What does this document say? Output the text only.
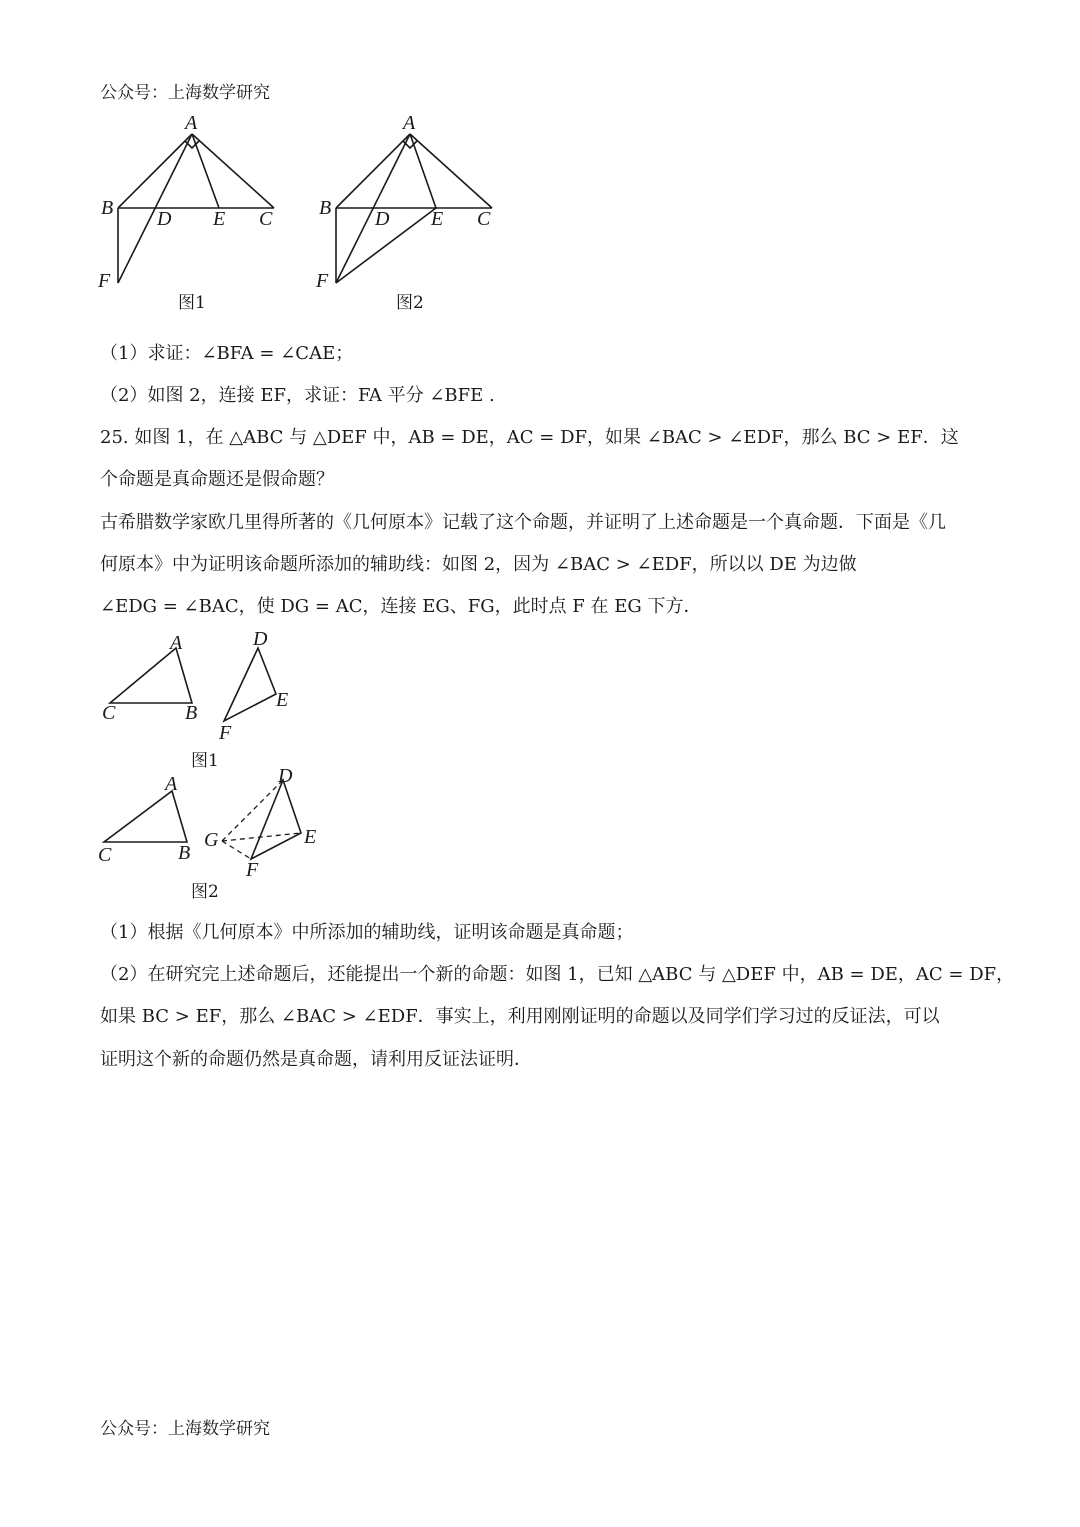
公众号：上海数学研究
A
B D E C
F
图1
A
B D E C
F
图2
（1）求证：∠BFA = ∠CAE；
（2）如图 2，连接 EF，求证：FA 平分 ∠BFE .
25. 如图 1，在 △ABC 与 △DEF 中，AB = DE，AC = DF，如果 ∠BAC > ∠EDF，那么 BC > EF．这
个命题是真命题还是假命题？
古希腊数学家欧几里得所著的《几何原本》记载了这个命题，并证明了上述命题是一个真命题．下面是《几
何原本》中为证明该命题所添加的辅助线：如图 2，因为 ∠BAC > ∠EDF，所以以 DE 为边做
∠EDG = ∠BAC，使 DG = AC，连接 EG、FG，此时点 F 在 EG 下方．
A
C	B
D
E
F
图1
A
C	B
D
E
F
G
图2
（1）根据《几何原本》中所添加的辅助线，证明该命题是真命题；
（2）在研究完上述命题后，还能提出一个新的命题：如图 1，已知 △ABC 与 △DEF 中，AB = DE，AC = DF，
如果 BC > EF，那么 ∠BAC > ∠EDF．事实上，利用刚刚证明的命题以及同学们学习过的反证法，可以
证明这个新的命题仍然是真命题，请利用反证法证明．
公众号：上海数学研究
